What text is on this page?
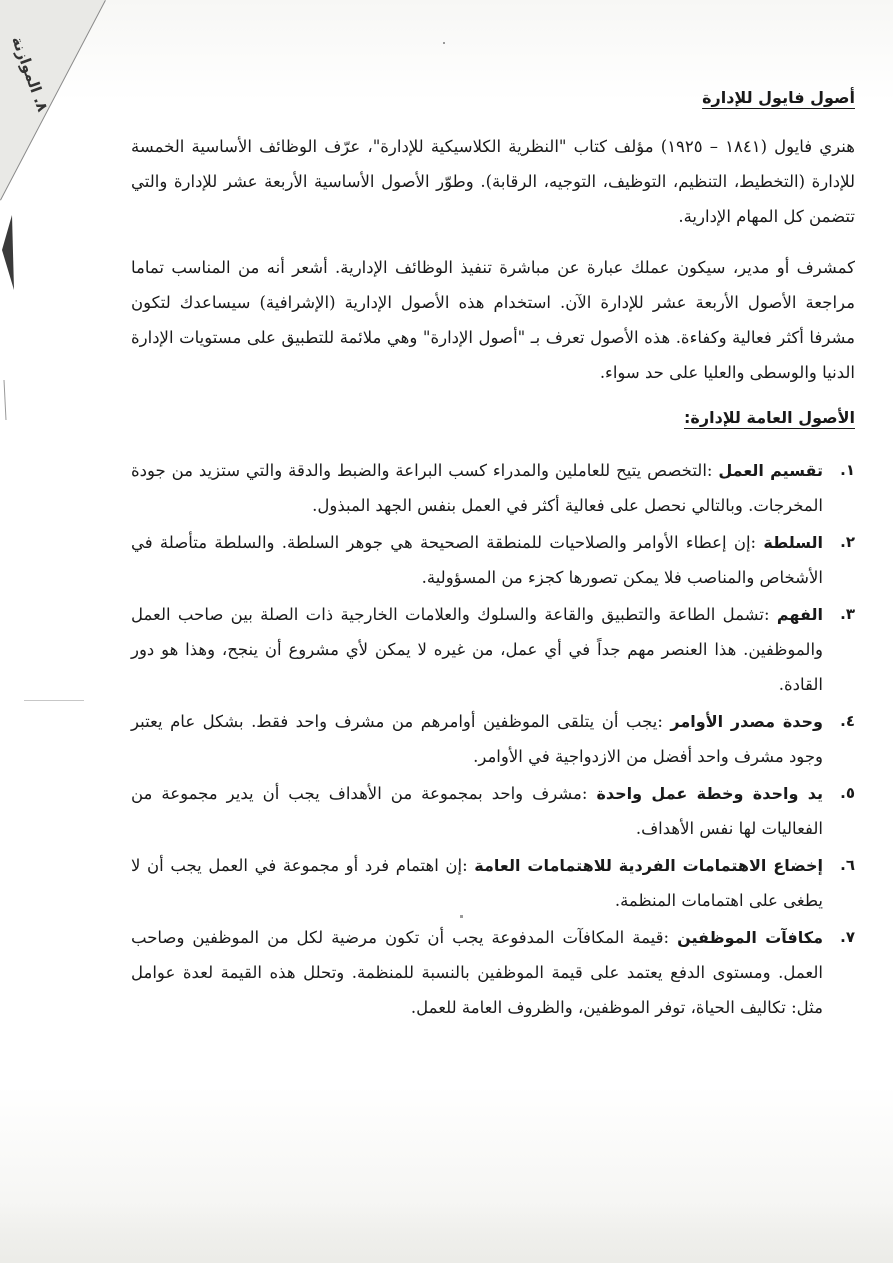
٨. الموازنة	أصول فايول للإدارة

هنري فايول (١٨٤١ – ١٩٢٥) مؤلف كتاب "النظرية الكلاسيكية للإدارة"، عرّف الوظائف الأساسية الخمسة للإدارة (التخطيط، التنظيم، التوظيف، التوجيه، الرقابة). وطوّر الأصول الأساسية الأربعة عشر للإدارة والتي تتضمن كل المهام الإدارية.

كمشرف أو مدير، سيكون عملك عبارة عن مباشرة تنفيذ الوظائف الإدارية. أشعر أنه من المناسب تماما مراجعة الأصول الأربعة عشر للإدارة الآن. استخدام هذه الأصول الإدارية (الإشرافية) سيساعدك لتكون مشرفا أكثر فعالية وكفاءة. هذه الأصول تعرف بـ "أصول الإدارة" وهي ملائمة للتطبيق على مستويات الإدارة الدنيا والوسطى والعليا على حد سواء.

الأصول العامة للإدارة:
١.
تقسيم العمل :التخصص يتيح للعاملين والمدراء كسب البراعة والضبط والدقة والتي ستزيد من جودة المخرجات. وبالتالي نحصل على فعالية أكثر في العمل بنفس الجهد المبذول.
٢.
السلطة :إن إعطاء الأوامر والصلاحيات للمنطقة الصحيحة هي جوهر السلطة. والسلطة متأصلة في الأشخاص والمناصب فلا يمكن تصورها كجزء من المسؤولية.
٣.
الفهم :تشمل الطاعة والتطبيق والقاعة والسلوك والعلامات الخارجية ذات الصلة بين صاحب العمل والموظفين. هذا العنصر مهم جداً في أي عمل، من غيره لا يمكن لأي مشروع أن ينجح، وهذا هو دور القادة.
٤.
وحدة مصدر الأوامر :يجب أن يتلقى الموظفين أوامرهم من مشرف واحد فقط. بشكل عام يعتبر وجود مشرف واحد أفضل من الازدواجية في الأوامر.
٥.
يد واحدة وخطة عمل واحدة :مشرف واحد بمجموعة من الأهداف يجب أن يدير مجموعة من الفعاليات لها نفس الأهداف.
٦.
إخضاع الاهتمامات الفردية للاهتمامات العامة :إن اهتمام فرد أو مجموعة في العمل يجب أن لا يطغى على اهتمامات المنظمة.
٧.
مكافآت الموظفين :قيمة المكافآت المدفوعة يجب أن تكون مرضية لكل من الموظفين وصاحب العمل. ومستوى الدفع يعتمد على قيمة الموظفين بالنسبة للمنظمة. وتحلل هذه القيمة لعدة عوامل مثل: تكاليف الحياة، توفر الموظفين، والظروف العامة للعمل.
